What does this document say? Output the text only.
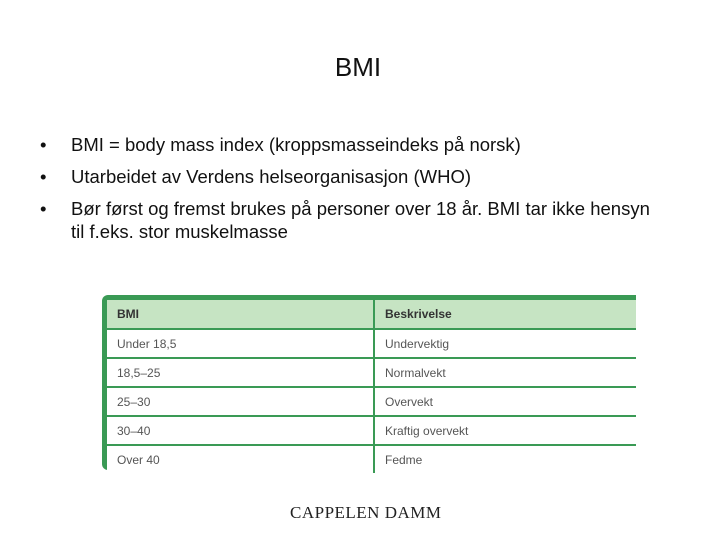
BMI
• BMI = body mass index (kroppsmasseindeks på norsk)
• Utarbeidet av Verdens helseorganisasjon (WHO)
• Bør først og fremst brukes på personer over 18 år. BMI tar ikke hensyn til f.eks. stor muskelmasse
BMI	Beskrivelse
Under 18,5	Undervektig
18,5–25	Normalvekt
25–30	Overvekt
30–40	Kraftig overvekt
Over 40	Fedme
CAPPELEN DAMM
